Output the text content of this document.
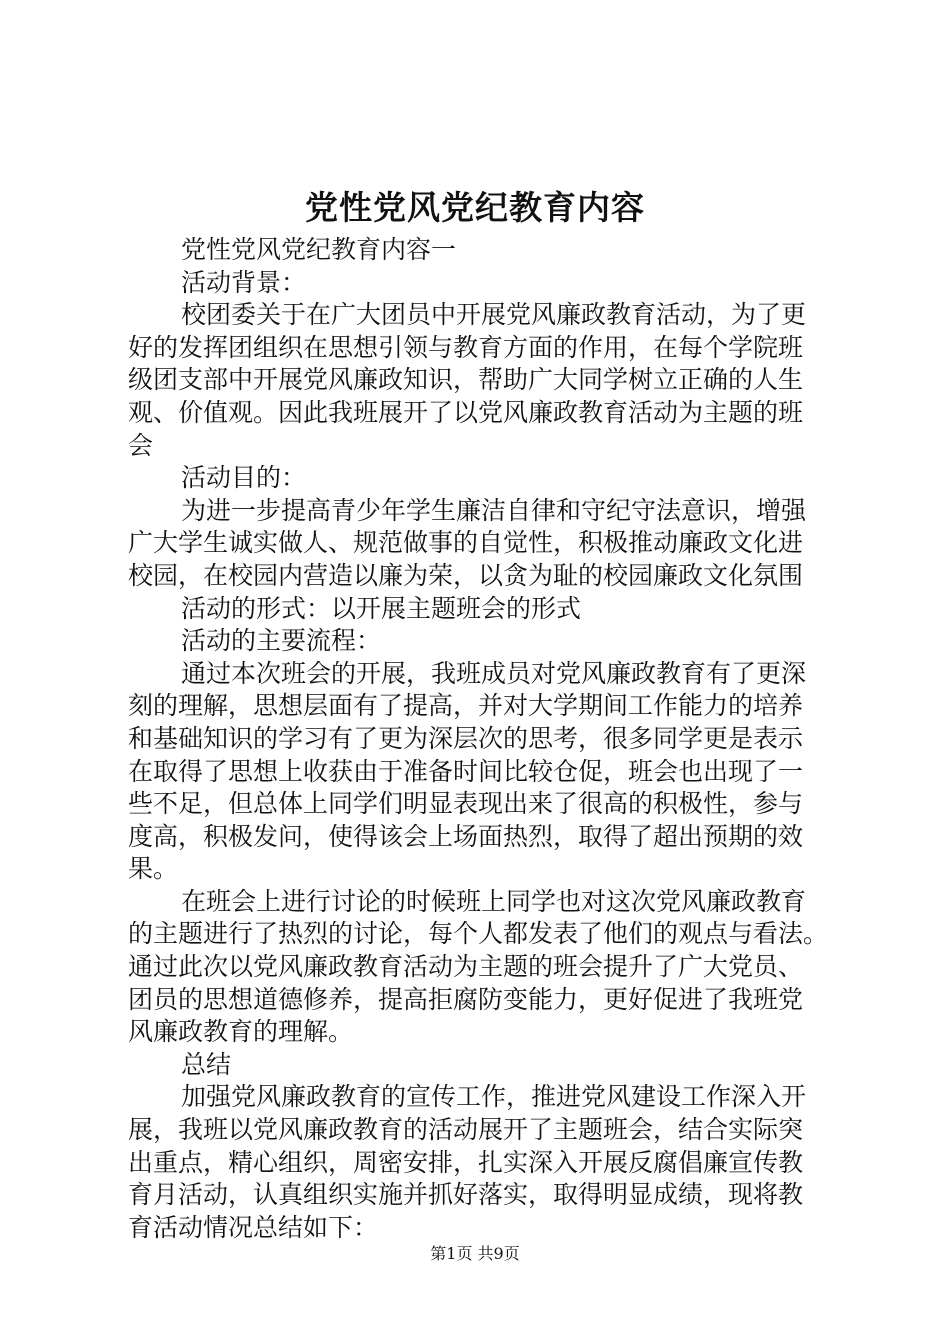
党性党风党纪教育内容
党性党风党纪教育内容一
活动背景：
校团委关于在广大团员中开展党风廉政教育活动，为了更
好的发挥团组织在思想引领与教育方面的作用，在每个学院班
级团支部中开展党风廉政知识，帮助广大同学树立正确的人生
观、价值观。因此我班展开了以党风廉政教育活动为主题的班
会
活动目的：
为进一步提高青少年学生廉洁自律和守纪守法意识，增强
广大学生诚实做人、规范做事的自觉性，积极推动廉政文化进
校园，在校园内营造以廉为荣，以贪为耻的校园廉政文化氛围
活动的形式：以开展主题班会的形式
活动的主要流程：
通过本次班会的开展，我班成员对党风廉政教育有了更深
刻的理解，思想层面有了提高，并对大学期间工作能力的培养
和基础知识的学习有了更为深层次的思考，很多同学更是表示
在取得了思想上收获由于准备时间比较仓促，班会也出现了一
些不足，但总体上同学们明显表现出来了很高的积极性，参与
度高，积极发问，使得该会上场面热烈，取得了超出预期的效
果。
在班会上进行讨论的时候班上同学也对这次党风廉政教育
的主题进行了热烈的讨论，每个人都发表了他们的观点与看法。
通过此次以党风廉政教育活动为主题的班会提升了广大党员、
团员的思想道德修养，提高拒腐防变能力，更好促进了我班党
风廉政教育的理解。
总结
加强党风廉政教育的宣传工作，推进党风建设工作深入开
展，我班以党风廉政教育的活动展开了主题班会，结合实际突
出重点，精心组织，周密安排，扎实深入开展反腐倡廉宣传教
育月活动，认真组织实施并抓好落实，取得明显成绩，现将教
育活动情况总结如下：
第1页 共9页
